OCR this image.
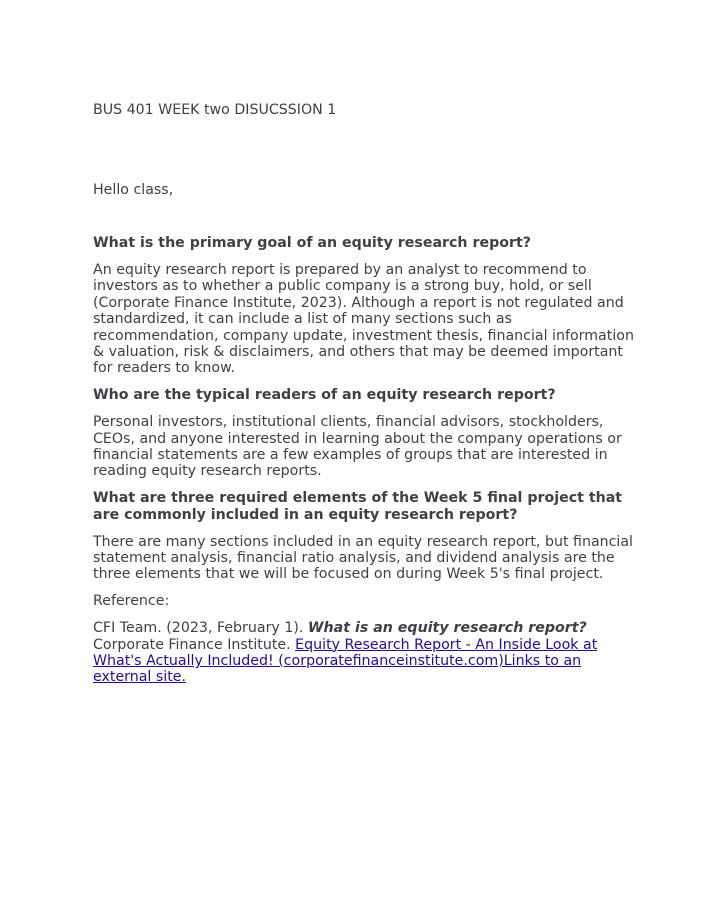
BUS 401 WEEK two DISUCSSION 1

Hello class,

What is the primary goal of an equity research report?

An equity research report is prepared by an analyst to recommend to investors as to whether a public company is a strong buy, hold, or sell (Corporate Finance Institute, 2023). Although a report is not regulated and standardized, it can include a list of many sections such as recommendation, company update, investment thesis, financial information & valuation, risk & disclaimers, and others that may be deemed important for readers to know.

Who are the typical readers of an equity research report?

Personal investors, institutional clients, financial advisors, stockholders, CEOs, and anyone interested in learning about the company operations or financial statements are a few examples of groups that are interested in reading equity research reports.

What are three required elements of the Week 5 final project that are commonly included in an equity research report?

There are many sections included in an equity research report, but financial statement analysis, financial ratio analysis, and dividend analysis are the three elements that we will be focused on during Week 5's final project.

Reference:

CFI Team. (2023, February 1). What is an equity research report? Corporate Finance Institute. Equity Research Report - An Inside Look at What's Actually Included! (corporatefinanceinstitute.com)Links to an external site.
